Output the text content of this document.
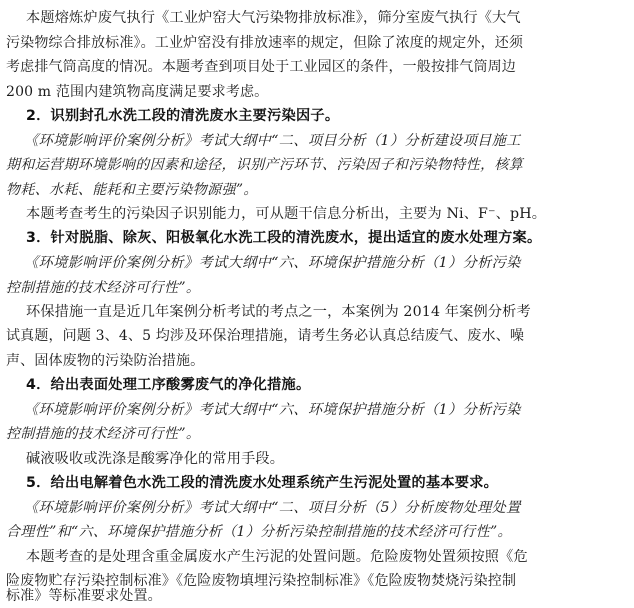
本题熔炼炉废气执行《工业炉窑大气污染物排放标准》，筛分室废气执行《大气

污染物综合排放标准》。工业炉窑没有排放速率的规定，但除了浓度的规定外，还须

考虑排气筒高度的情况。本题考查到项目处于工业园区的条件，一般按排气筒周边

200 m 范围内建筑物高度满足要求考虑。

2．识别封孔水洗工段的清洗废水主要污染因子。

《环境影响评价案例分析》考试大纲中“二、项目分析（1）分析建设项目施工

期和运营期环境影响的因素和途径，识别产污环节、污染因子和污染物特性，核算

物耗、水耗、能耗和主要污染物源强”。

本题考查考生的污染因子识别能力，可从题干信息分析出，主要为 Ni、F⁻、pH。

3．针对脱脂、除灰、阳极氧化水洗工段的清洗废水，提出适宜的废水处理方案。

《环境影响评价案例分析》考试大纲中“六、环境保护措施分析（1）分析污染

控制措施的技术经济可行性”。

环保措施一直是近几年案例分析考试的考点之一，本案例为 2014 年案例分析考

试真题，问题 3、4、5 均涉及环保治理措施，请考生务必认真总结废气、废水、噪

声、固体废物的污染防治措施。

4．给出表面处理工序酸雾废气的净化措施。

《环境影响评价案例分析》考试大纲中“六、环境保护措施分析（1）分析污染

控制措施的技术经济可行性”。

碱液吸收或洗涤是酸雾净化的常用手段。

5．给出电解着色水洗工段的清洗废水处理系统产生污泥处置的基本要求。

《环境影响评价案例分析》考试大纲中“二、项目分析（5）分析废物处理处置

合理性”和“六、环境保护措施分析（1）分析污染控制措施的技术经济可行性”。

本题考查的是处理含重金属废水产生污泥的处置问题。危险废物处置须按照《危

险废物贮存污染控制标准》《危险废物填埋污染控制标准》《危险废物焚烧污染控制

标准》等标准要求处置。
